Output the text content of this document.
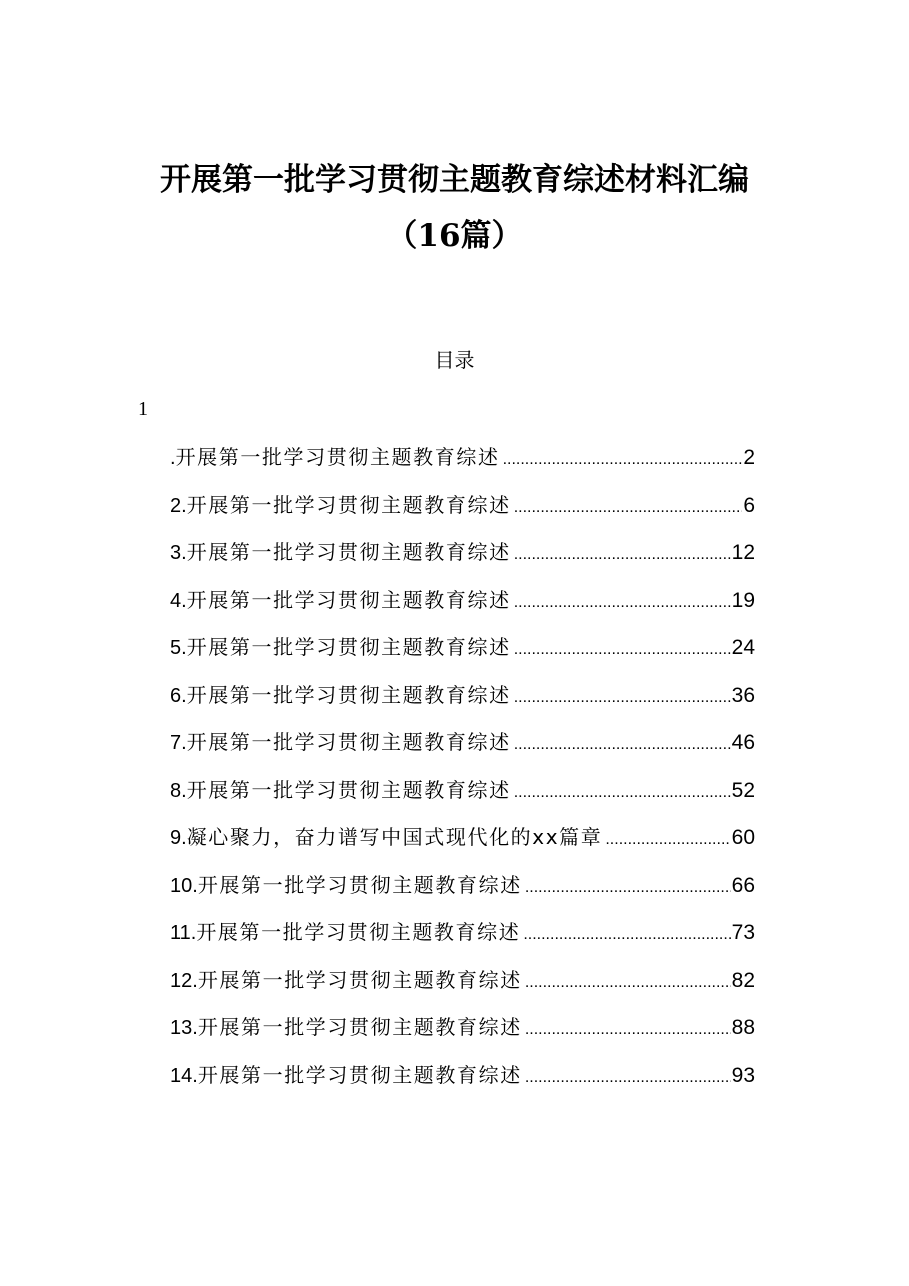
开展第一批学习贯彻主题教育综述材料汇编
（16篇）
目录
1
.开展第一批学习贯彻主题教育综述 .....	2
2.开展第一批学习贯彻主题教育综述 .....	6
3.开展第一批学习贯彻主题教育综述 .....	12
4.开展第一批学习贯彻主题教育综述 .....	19
5.开展第一批学习贯彻主题教育综述 .....	24
6.开展第一批学习贯彻主题教育综述 .....	36
7.开展第一批学习贯彻主题教育综述 .....	46
8.开展第一批学习贯彻主题教育综述 .....	52
9.凝心聚力，奋力谱写中国式现代化的xx篇章 .....	60
10.开展第一批学习贯彻主题教育综述 .....	66
11.开展第一批学习贯彻主题教育综述 .....	73
12.开展第一批学习贯彻主题教育综述 .....	82
13.开展第一批学习贯彻主题教育综述 .....	88
14.开展第一批学习贯彻主题教育综述 .....	93
